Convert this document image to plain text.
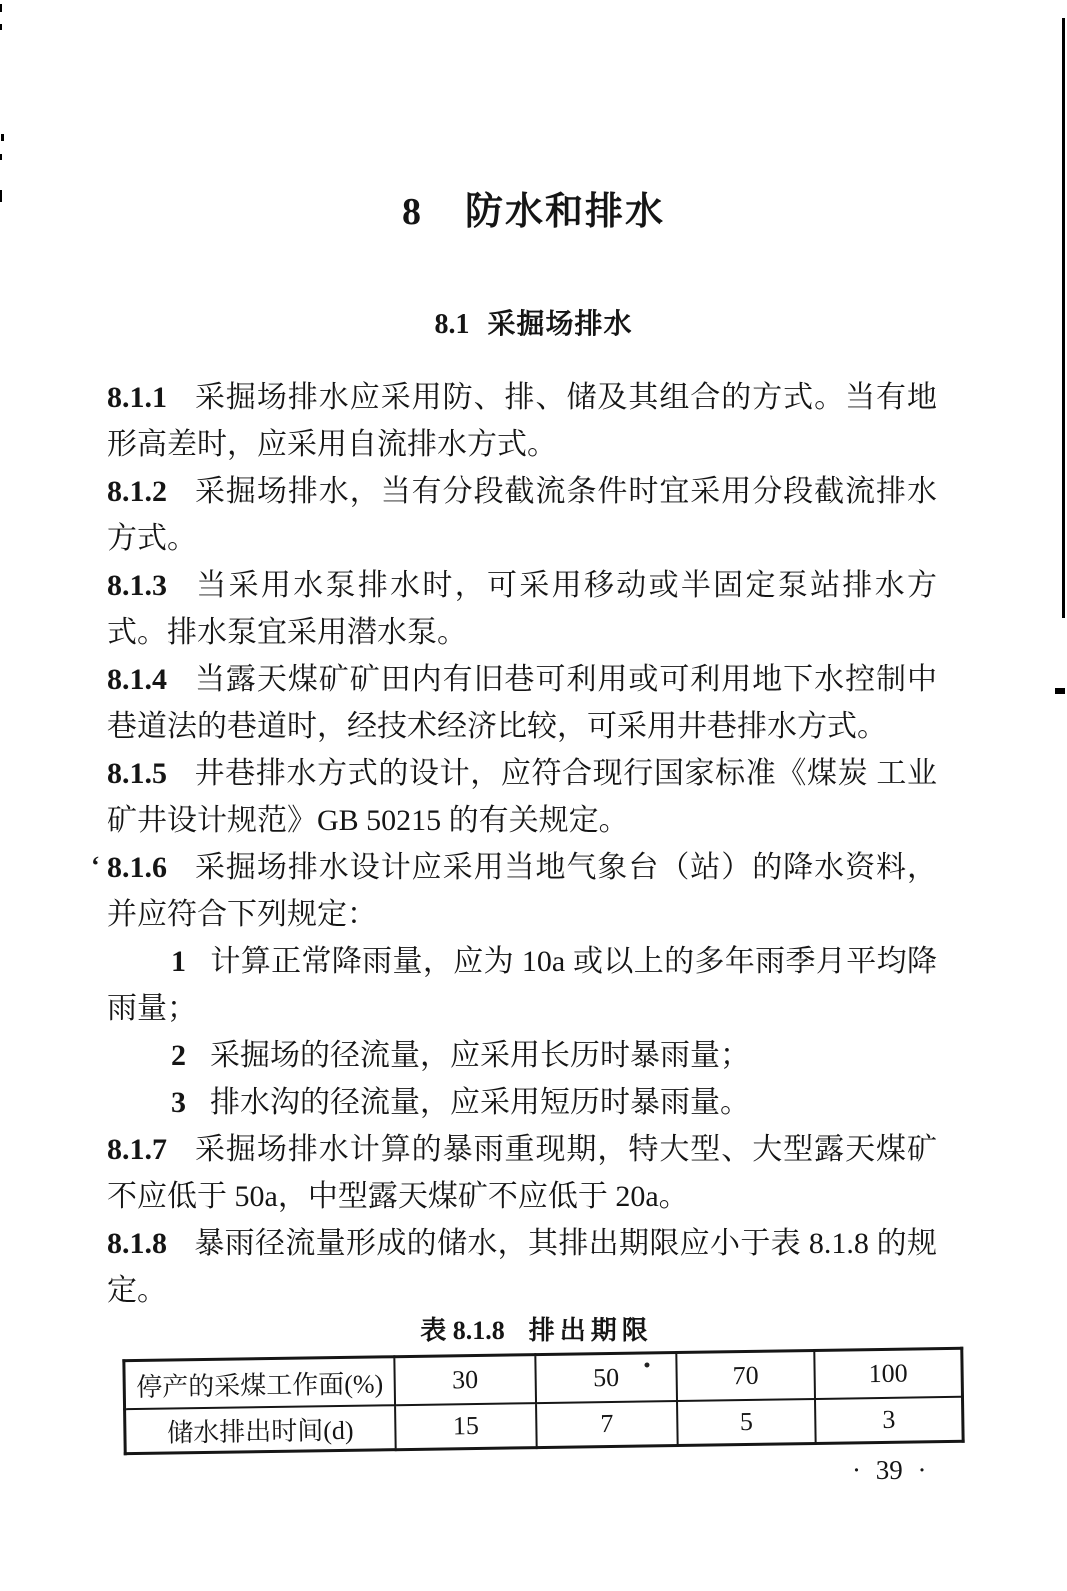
8 防水和排水
8.1 采掘场排水

8.1.1 采掘场排水应采用防、排、储及其组合的方式。当有地形高差时，应采用自流排水方式。

8.1.2 采掘场排水，当有分段截流条件时宜采用分段截流排水方式。

8.1.3 当采用水泵排水时，可采用移动或半固定泵站排水方式。排水泵宜采用潜水泵。

8.1.4 当露天煤矿矿田内有旧巷可利用或可利用地下水控制中巷道法的巷道时，经技术经济比较，可采用井巷排水方式。

8.1.5 井巷排水方式的设计，应符合现行国家标准《煤炭 工业矿井设计规范》GB 50215 的有关规定。

‘ 8.1.6 采掘场排水设计应采用当地气象台（站）的降水资料，并应符合下列规定：

1 计算正常降雨量，应为 10a 或以上的多年雨季月平均降雨量；

2 采掘场的径流量，应采用长历时暴雨量；

3 排水沟的径流量，应采用短历时暴雨量。

8.1.7 采掘场排水计算的暴雨重现期，特大型、大型露天煤矿不应低于 50a，中型露天煤矿不应低于 20a。

8.1.8 暴雨径流量形成的储水，其排出期限应小于表 8.1.8 的规定。

表 8.1.8 排出期限
停产的采煤工作面(%)	30	50	70	100
储水排出时间(d)	15	7	5	3
· 39 ·
